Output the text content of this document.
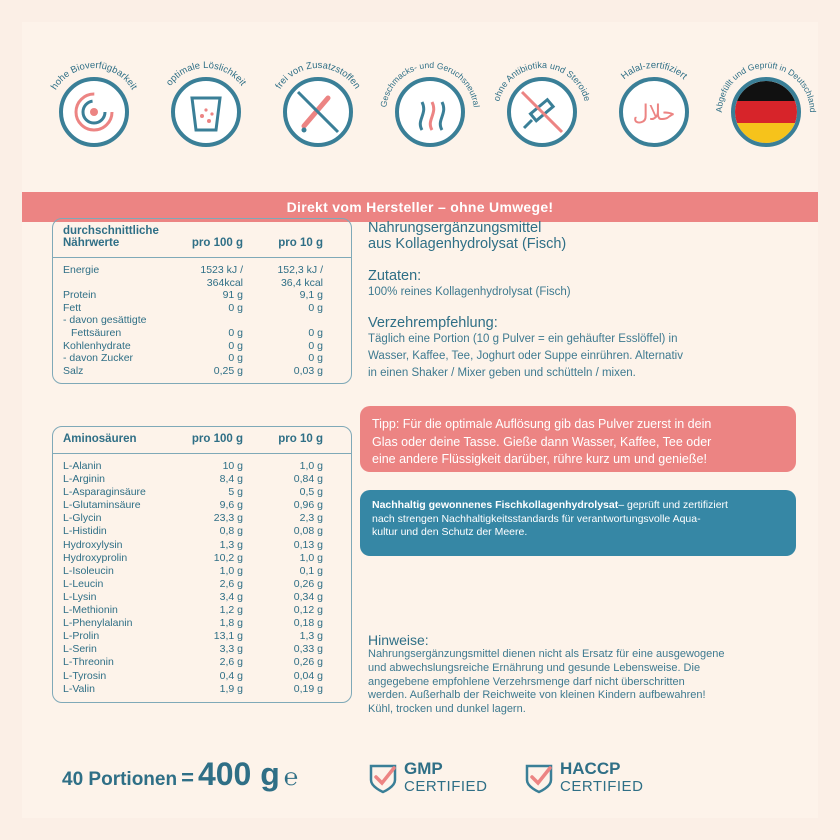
hohe Bioverfügbarkeit	optimale Löslichkeit	frei von Zusatzstoffen
Geschmacks- und Geruchsneutral
ohne Antibiotika und Steroide
Halal-zertifiziert
حلال	Abgefüllt und Geprüft in Deutschland
Direkt vom Hersteller – ohne Umwege!
durchschnittliche
Nährwerte	pro 100 g	pro 10 g
Energie	1523 kJ /	152,3 kJ /
364kcal	36,4 kcal
Protein	91 g	9,1 g
Fett	0 g	0 g
- davon gesättigte
Fettsäuren	0 g	0 g
Kohlenhydrate	0 g	0 g
- davon Zucker	0 g	0 g
Salz	0,25 g	0,03 g
Aminosäuren	pro 100 g	pro 10 g
L-Alanin	10 g	1,0 g
L-Arginin	8,4 g	0,84 g
L-Asparaginsäure	5 g	0,5 g
L-Glutaminsäure	9,6 g	0,96 g
L-Glycin	23,3 g	2,3 g
L-Histidin	0,8 g	0,08 g
Hydroxylysin	1,3 g	0,13 g
Hydroxyprolin	10,2 g	1,0 g
L-Isoleucin	1,0 g	0,1 g
L-Leucin	2,6 g	0,26 g
L-Lysin	3,4 g	0,34 g
L-Methionin	1,2 g	0,12 g
L-Phenylalanin	1,8 g	0,18 g
L-Prolin	13,1 g	1,3 g
L-Serin	3,3 g	0,33 g
L-Threonin	2,6 g	0,26 g
L-Tyrosin	0,4 g	0,04 g
L-Valin	1,9 g	0,19 g
Nahrungsergänzungsmittel
aus Kollagenhydrolysat (Fisch)
Zutaten:
100% reines Kollagenhydrolysat (Fisch)
Verzehrempfehlung:
Täglich eine Portion (10 g Pulver = ein gehäufter Esslöffel) in
Wasser, Kaffee, Tee, Joghurt oder Suppe einrühren. Alternativ
in einen Shaker / Mixer geben und schütteln / mixen.
Tipp: Für die optimale Auflösung gib das Pulver zuerst in dein
Glas oder deine Tasse. Gieße dann Wasser, Kaffee, Tee oder
eine andere Flüssigkeit darüber, rühre kurz um und genieße!
Nachhaltig gewonnenes Fischkollagenhydrolysat– geprüft und zertifiziert
nach strengen Nachhaltigkeitsstandards für verantwortungsvolle Aqua-
kultur und den Schutz der Meere.
Hinweise:
Nahrungsergänzungsmittel dienen nicht als Ersatz für eine ausgewogene
und abwechslungsreiche Ernährung und gesunde Lebensweise. Die
angegebene empfohlene Verzehrsmenge darf nicht überschritten
werden. Außerhalb der Reichweite von kleinen Kindern aufbewahren!
Kühl, trocken und dunkel lagern.
40 Portionen = 400 g ℮	GMP
CERTIFIED
HACCP
CERTIFIED
